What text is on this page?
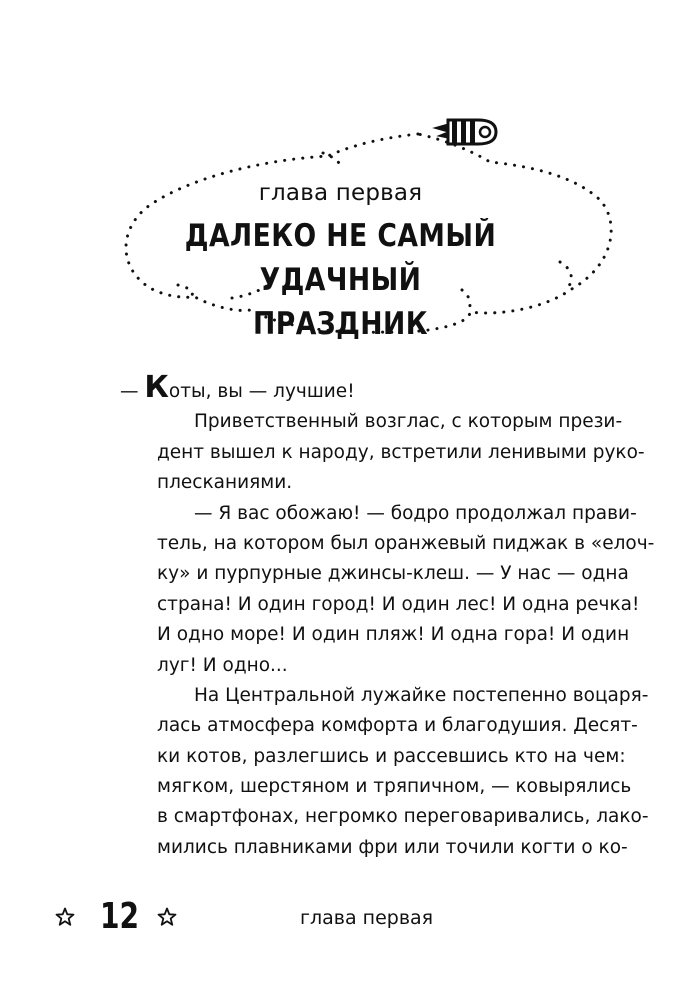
глава первая
ДАЛЕКО НЕ САМЫЙ УДАЧНЫЙ
ПРАЗДНИК
— Коты, вы — лучшие!
Приветственный возглас, с которым прези-
дент вышел к народу, встретили ленивыми руко-
плесканиями.
— Я вас обожаю! — бодро продолжал прави-
тель, на котором был оранжевый пиджак в «елоч-
ку» и пурпурные джинсы-клеш. — У нас — одна
страна! И один город! И один лес! И одна речка!
И одно море! И один пляж! И одна гора! И один
луг! И одно...
На Центральной лужайке постепенно воцаря-
лась атмосфера комфорта и благодушия. Десят-
ки котов, разлегшись и рассевшись кто на чем:
мягком, шерстяном и тряпичном, — ковырялись
в смартфонах, негромко переговаривались, лако-
мились плавниками фри или точили когти о ко-
12	глава первая
